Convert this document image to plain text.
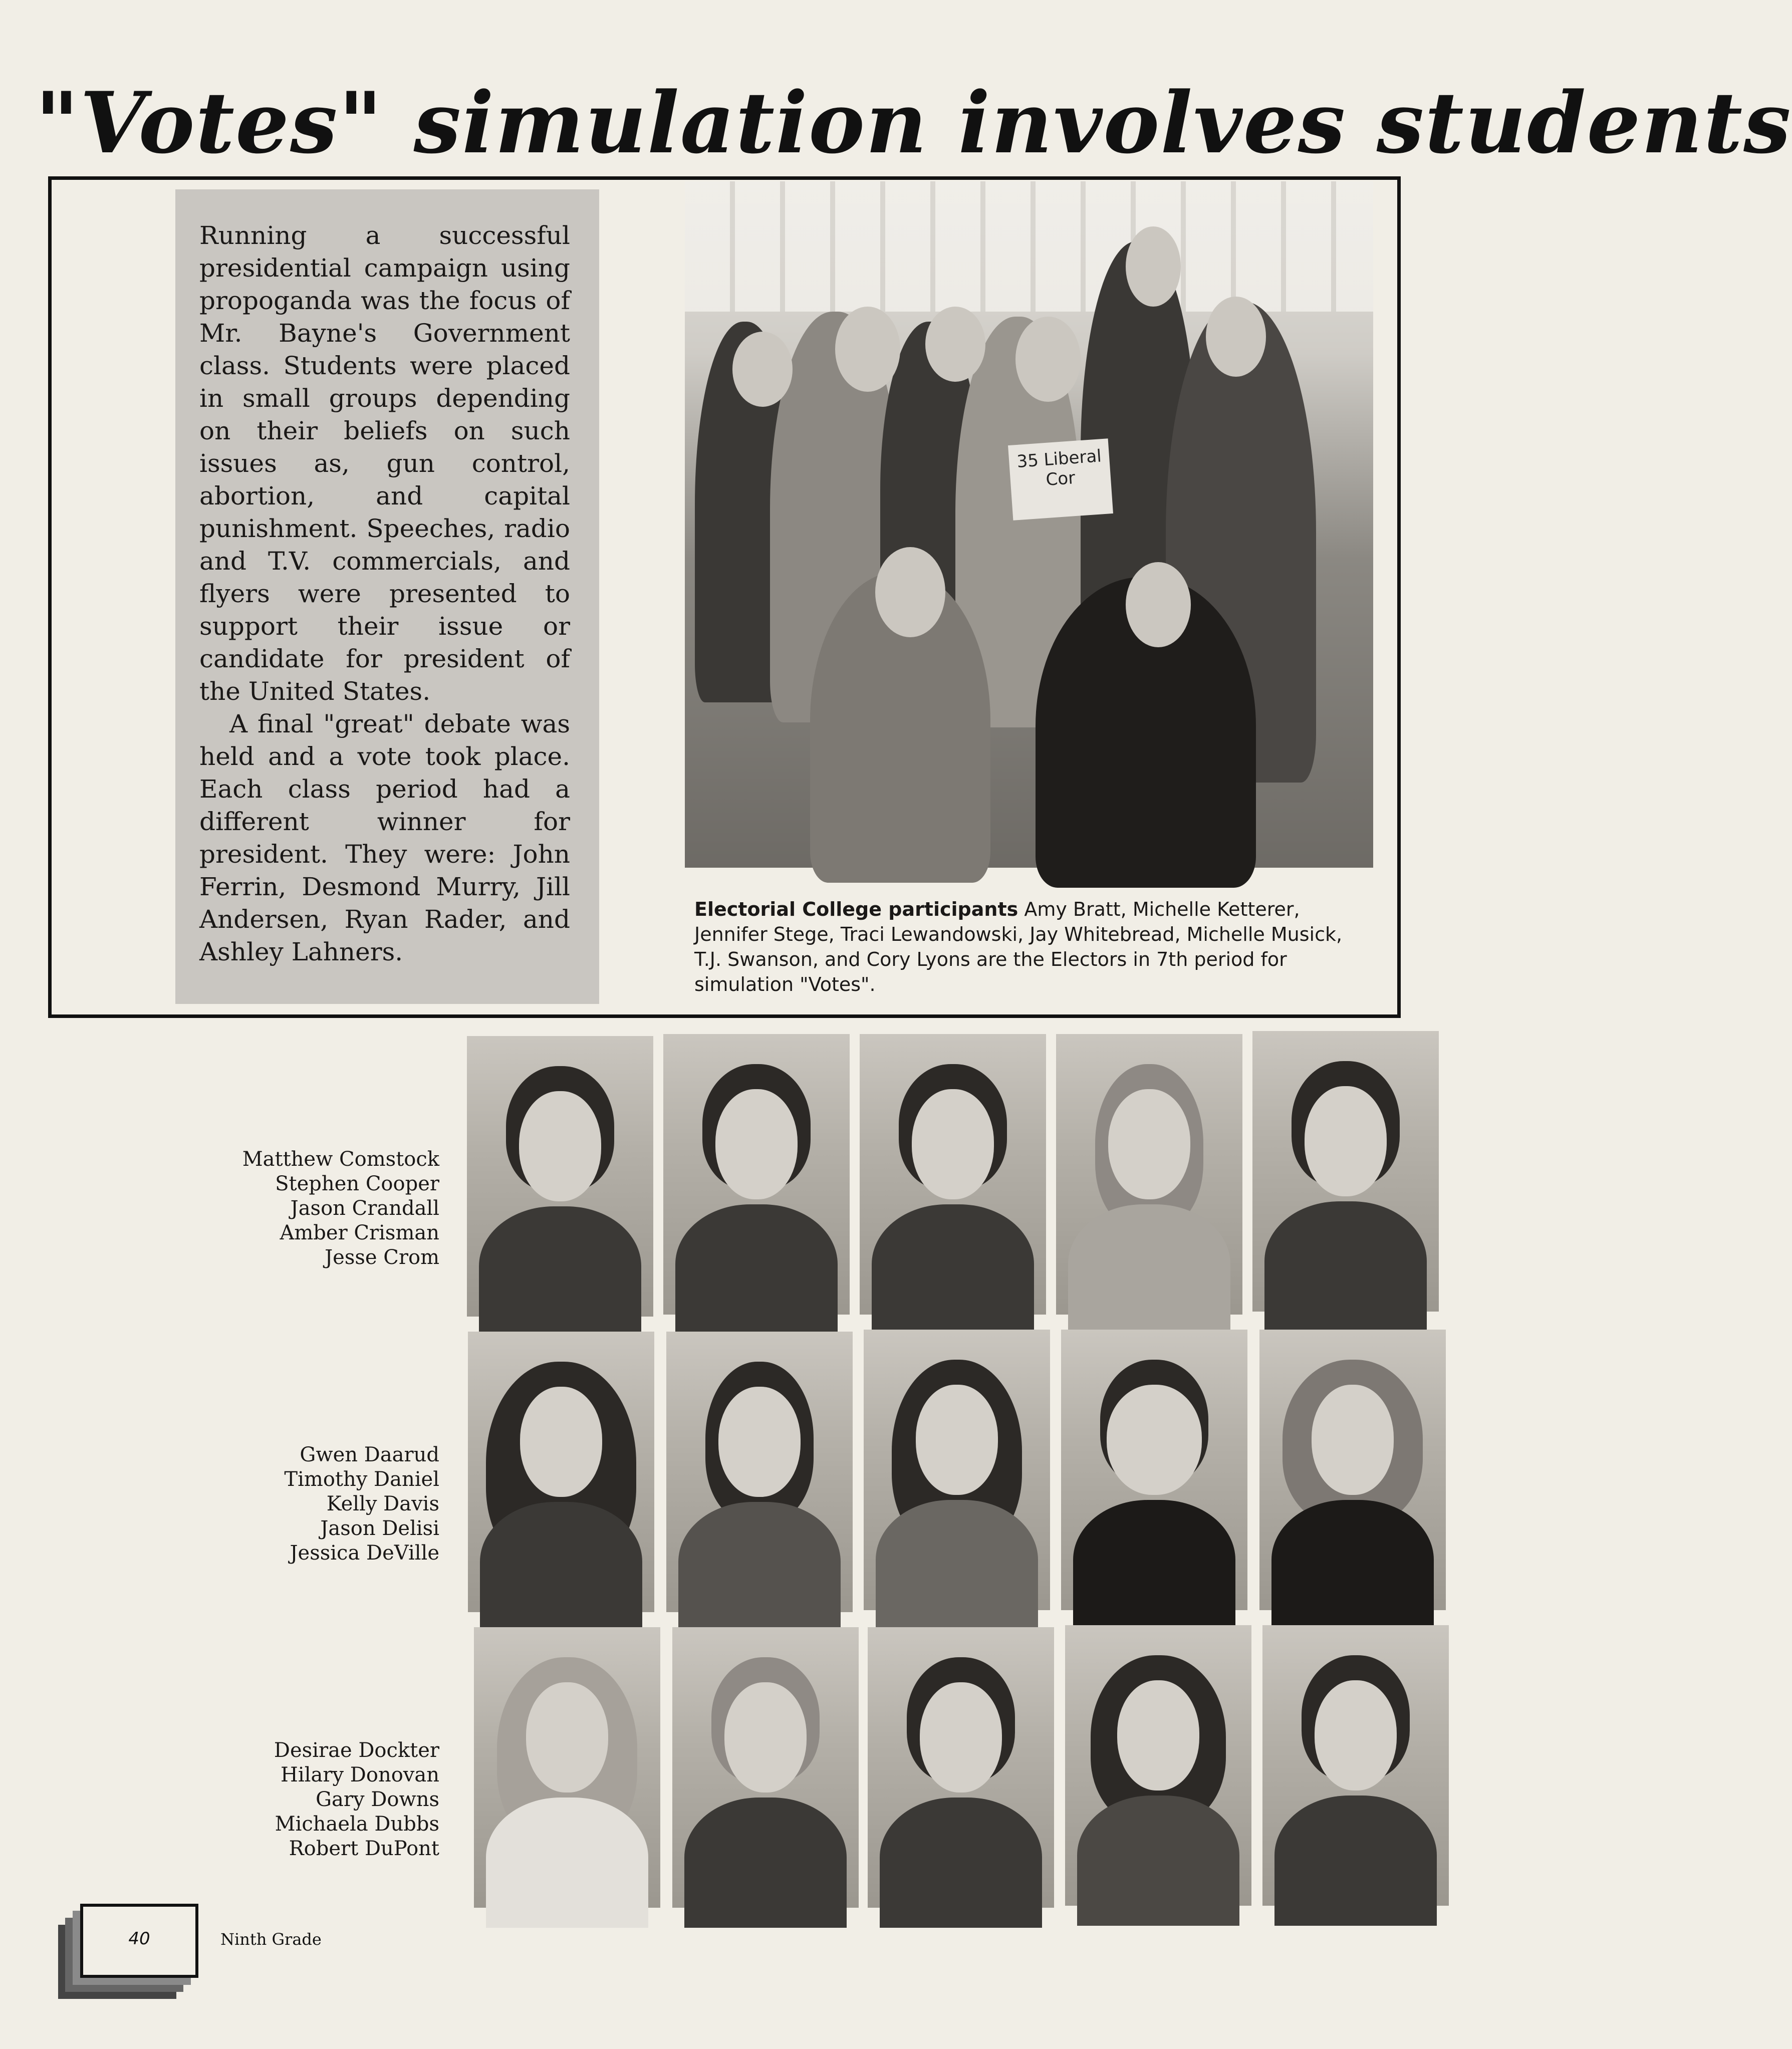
"Votes" simulation involves students

Running a successful presidential campaign using propoganda was the focus of Mr. Bayne's Government class. Students were placed in small groups depending on their beliefs on such issues as, gun control, abortion, and capital punishment. Speeches, radio and T.V. commercials, and flyers were presented to support their issue or candidate for president of the United States.

A final "great" debate was held and a vote took place. Each class period had a different winner for president. They were: John Ferrin, Desmond Murry, Jill Andersen, Ryan Rader, and Ashley Lahners.

35 Liberal Cor
Electorial College participants Amy Bratt, Michelle Ketterer, Jennifer Stege, Traci Lewandowski, Jay Whitebread, Michelle Musick, T.J. Swanson, and Cory Lyons are the Electors in 7th period for simulation "Votes".
Matthew Comstock
Stephen Cooper
Jason Crandall
Amber Crisman
Jesse Crom
Gwen Daarud
Timothy Daniel
Kelly Davis
Jason Delisi
Jessica DeVille
Desirae Dockter
Hilary Donovan
Gary Downs
Michaela Dubbs
Robert DuPont
40	Ninth Grade
